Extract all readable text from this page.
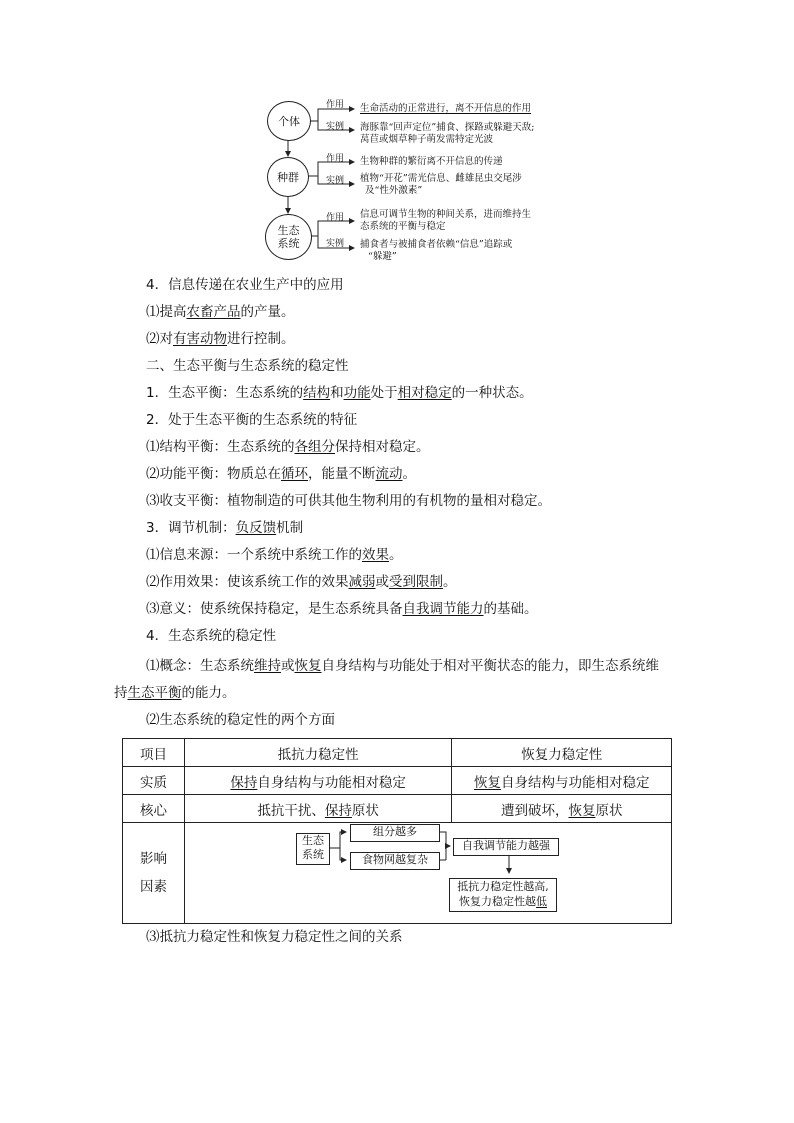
个体
种群
生态
系统
作用
实例
作用
实例
作用
实例
生命活动的正常进行，离不开信息的作用
海豚靠“回声定位”捕食、探路或躲避天敌;
莴苣或烟草种子萌发需特定光波
生物种群的繁衍离不开信息的传递
植物“开花”需光信息、雌雄昆虫交尾涉
及“性外激素”
信息可调节生物的种间关系，进而维持生
态系统的平衡与稳定
捕食者与被捕食者依赖“信息”追踪或
“躲避”
4．信息传递在农业生产中的应用
⑴提高农畜产品的产量。
⑵对有害动物进行控制。
二、生态平衡与生态系统的稳定性
1．生态平衡：生态系统的结构和功能处于相对稳定的一种状态。
2．处于生态平衡的生态系统的特征
⑴结构平衡：生态系统的各组分保持相对稳定。
⑵功能平衡：物质总在循环，能量不断流动。
⑶收支平衡：植物制造的可供其他生物利用的有机物的量相对稳定。
3．调节机制：负反馈机制
⑴信息来源：一个系统中系统工作的效果。
⑵作用效果：使该系统工作的效果减弱或受到限制。
⑶意义：使系统保持稳定，是生态系统具备自我调节能力的基础。
4．生态系统的稳定性
⑴概念：生态系统维持或恢复自身结构与功能处于相对平衡状态的能力，即生态系统维
持生态平衡的能力。
⑵生态系统的稳定性的两个方面
项目	抵抗力稳定性	恢复力稳定性
实质	保持自身结构与功能相对稳定	恢复自身结构与功能相对稳定
核心	抵抗干扰、保持原状	遭到破坏，恢复原状
影响
因素		
生态
系统
组分越多
食物网越复杂
自我调节能力越强
抵抗力稳定性越高,
恢复力稳定性越低
⑶抵抗力稳定性和恢复力稳定性之间的关系
